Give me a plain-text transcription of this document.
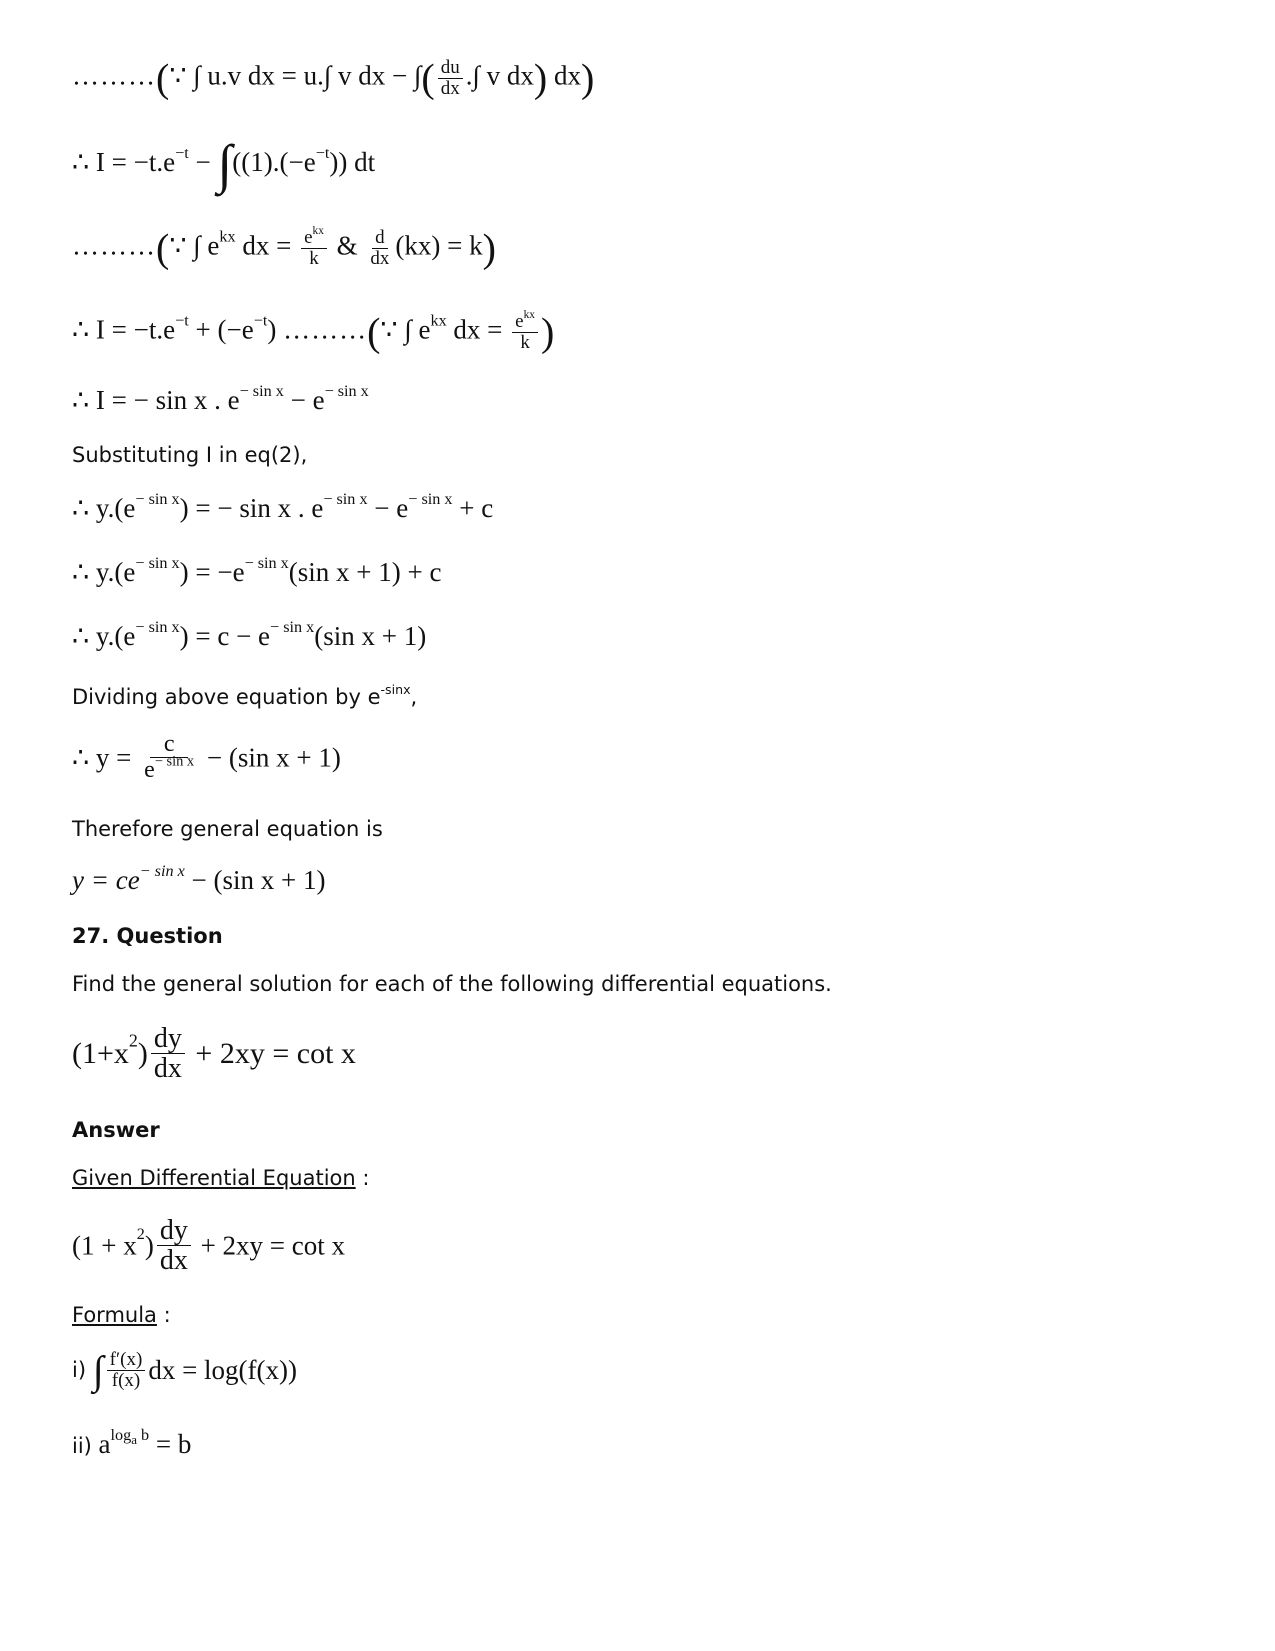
………(∵ ∫ u.v dx = u.∫ v dx − ∫( $\frac{du}{dx}$ .∫ v dx) dx)
∴ $I = -t.e^{-t} - \int((1).(-e^{-t}))$ dt
………(∵ ∫ $e^{kx}$ dx = $\frac{e^{kx}}{k}$ & $\frac{d}{dx} (kx) = k$)
∴ $I = -t.e^{-t} + (-e^{-t})$ ………(∵ ∫ $e^{kx}$ dx = $\frac{e^{kx}}{k}$ )
∴ I = − sin x . $e^{- sin x} - e^{- sin x}$
Substituting I in eq(2),
∴ $y.(e^{- sin x})$ = − sin x . $e^{- sin x} - e^{- sin x} + c$
∴ $y.(e^{- sin x}) = -e^{- sin x}(\sin$ x + 1) + c
∴ $y.(e^{- sin x}) = c - e^{- sin x}(\sin$ x + 1)
Dividing above equation by $e^{-sinx}$,
∴ $y = \frac{c}{e^{- sin x}} - (\sin$ x + 1)
Therefore general equation is
$y = ce^{- sin x} - (\sin$ x + 1)
27. Question
Find the general solution for each of the following differential equations.
$(1+x^2) \frac{dy}{dx} + 2xy = \cot x$
Answer
Given Differential Equation :
$(1 + x^2) \frac{dy}{dx} + 2xy = \cot x$
Formula :
i) ∫ $\frac{f'(x)}{f(x)}$ dx = log(f(x))
ii) $a^{log_a b} = b$
